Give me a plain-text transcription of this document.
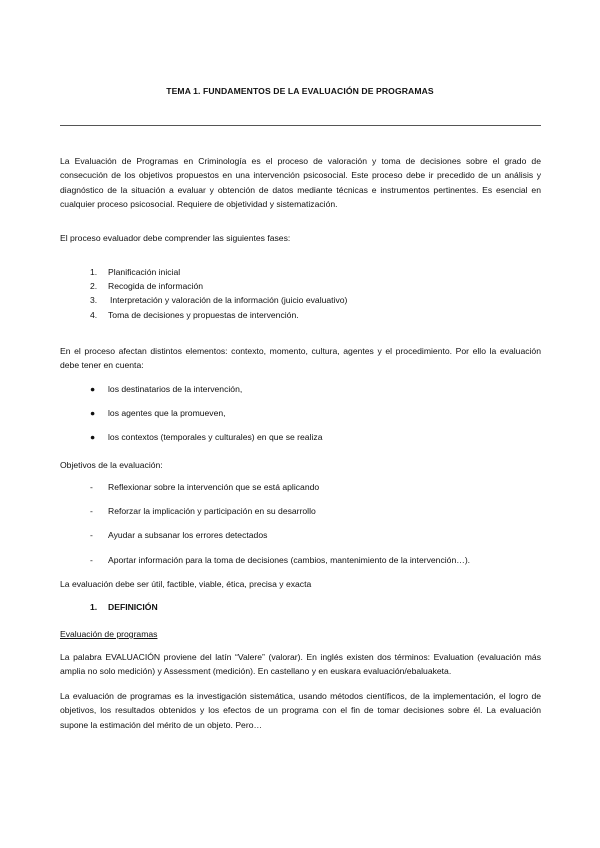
TEMA 1. FUNDAMENTOS DE LA EVALUACIÓN DE PROGRAMAS

La Evaluación de Programas en Criminología es el proceso de valoración y toma de decisiones sobre el grado de consecución de los objetivos propuestos en una intervención psicosocial. Este proceso debe ir precedido de un análisis y diagnóstico de la situación a evaluar y obtención de datos mediante técnicas e instrumentos pertinentes. Es esencial en cualquier proceso psicosocial. Requiere de objetividad y sistematización.

El proceso evaluador debe comprender las siguientes fases:
1. Planificación inicial
2. Recogida de información
3. Interpretación y valoración de la información (juicio evaluativo)
4. Toma de decisiones y propuestas de intervención.

En el proceso afectan distintos elementos: contexto, momento, cultura, agentes y el procedimiento. Por ello la evaluación debe tener en cuenta:

● los destinatarios de la intervención,
● los agentes que la promueven,
● los contextos (temporales y culturales) en que se realiza
Objetivos de la evaluación:
- Reflexionar sobre la intervención que se está aplicando
- Reforzar la implicación y participación en su desarrollo
- Ayudar a subsanar los errores detectados
- Aportar información para la toma de decisiones (cambios, mantenimiento de la intervención…).
La evaluación debe ser útil, factible, viable, ética, precisa y exacta
1. DEFINICIÓN
Evaluación de programas

La palabra EVALUACIÓN proviene del latín “Valere” (valorar). En inglés existen dos términos: Evaluation (evaluación más amplia no solo medición) y Assessment (medición). En castellano y en euskara evaluación/ebaluaketa.

La evaluación de programas es la investigación sistemática, usando métodos científicos, de la implementación, el logro de objetivos, los resultados obtenidos y los efectos de un programa con el fin de tomar decisiones sobre él. La evaluación supone la estimación del mérito de un objeto. Pero…
